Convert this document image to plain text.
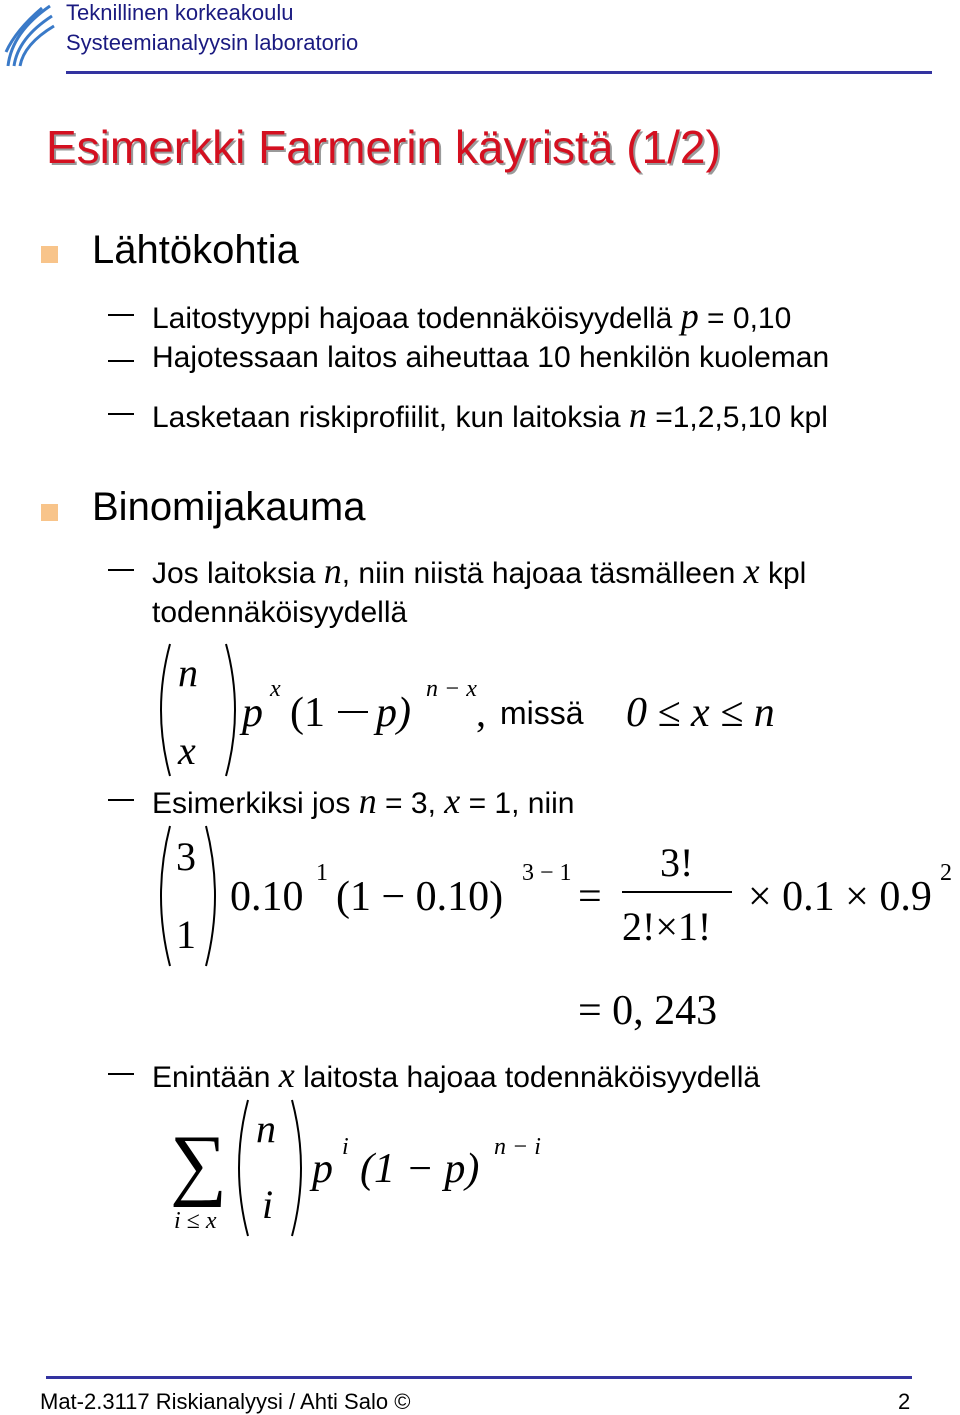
Teknillinen korkeakoulu
Systeemianalyysin laboratorio
Esimerkki Farmerin käyristä (1/2)
Lähtökohtia
Laitostyyppi hajoaa todennäköisyydellä p = 0,10
Hajotessaan laitos aiheuttaa 10 henkilön kuoleman
Lasketaan riskiprofiilit, kun laitoksia n =1,2,5,10 kpl
Binomijakauma
Jos laitoksia n, niin niistä hajoaa täsmälleen x kpl
todennäköisyydellä
n
x
p
x
(1 p)
n − x
, missä 0 ≤ x ≤ n
Esimerkiksi jos n = 3, x = 1, niin
3
1
0.10
1
(1 − 0.10)
3 − 1
=
3!
2!×1!
× 0.1 × 0.9
2
= 0, 243
Enintään x laitosta hajoaa todennäköisyydellä
∑
i ≤ x
n
i
p i (1 − p) n − i
Mat-2.3117 Riskianalyysi / Ahti Salo ©	2
